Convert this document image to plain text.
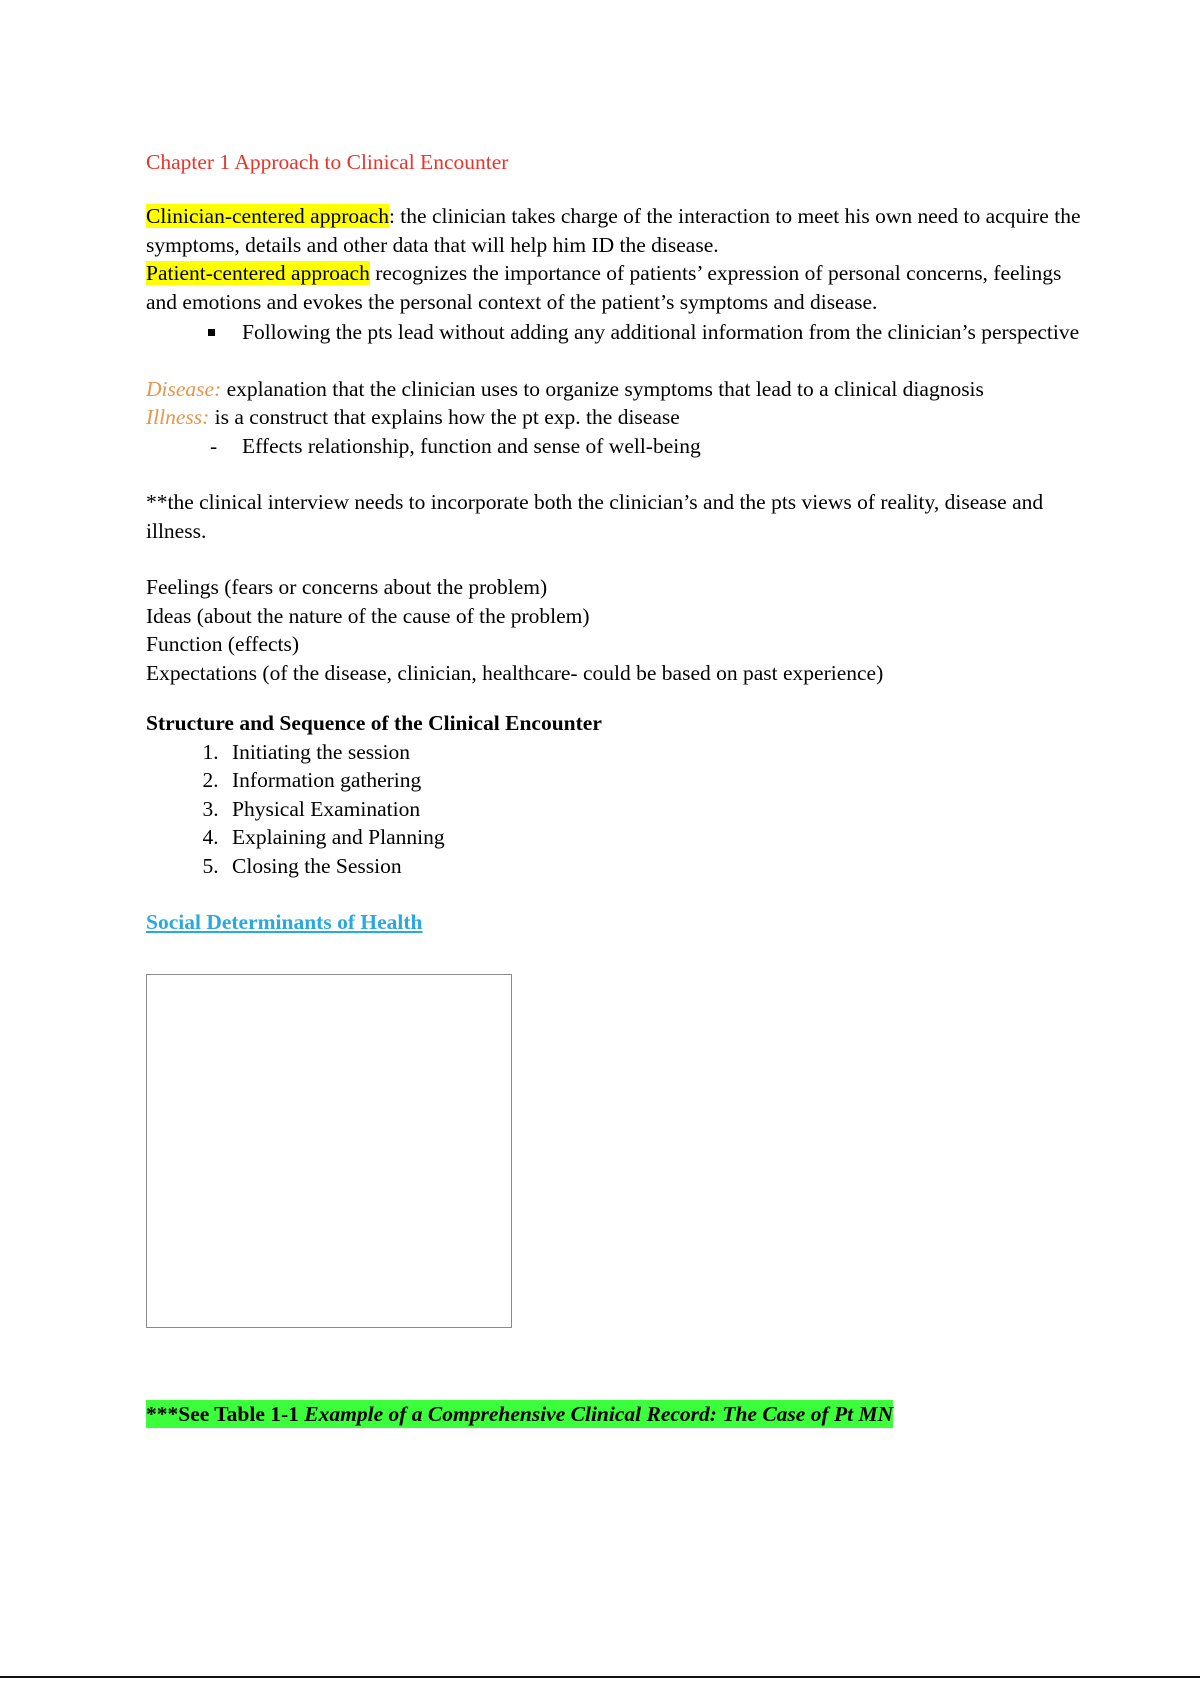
Chapter 1 Approach to Clinical Encounter

Clinician-centered approach: the clinician takes charge of the interaction to meet his own need to acquire the symptoms, details and other data that will help him ID the disease.

Patient-centered approach recognizes the importance of patients’ expression of personal concerns, feelings and emotions and evokes the personal context of the patient’s symptoms and disease.

Following the pts lead without adding any additional information from the clinician’s perspective

Disease: explanation that the clinician uses to organize symptoms that lead to a clinical diagnosis

Illness: is a construct that explains how the pt exp. the disease

- Effects relationship, function and sense of well-being

**the clinical interview needs to incorporate both the clinician’s and the pts views of reality, disease and illness.

Feelings (fears or concerns about the problem)

Ideas (about the nature of the cause of the problem)

Function (effects)

Expectations (of the disease, clinician, healthcare- could be based on past experience)

Structure and Sequence of the Clinical Encounter
1. Initiating the session
2. Information gathering
3. Physical Examination
4. Explaining and Planning
5. Closing the Session
Social Determinants of Health
***See Table 1-1 Example of a Comprehensive Clinical Record: The Case of Pt MN
